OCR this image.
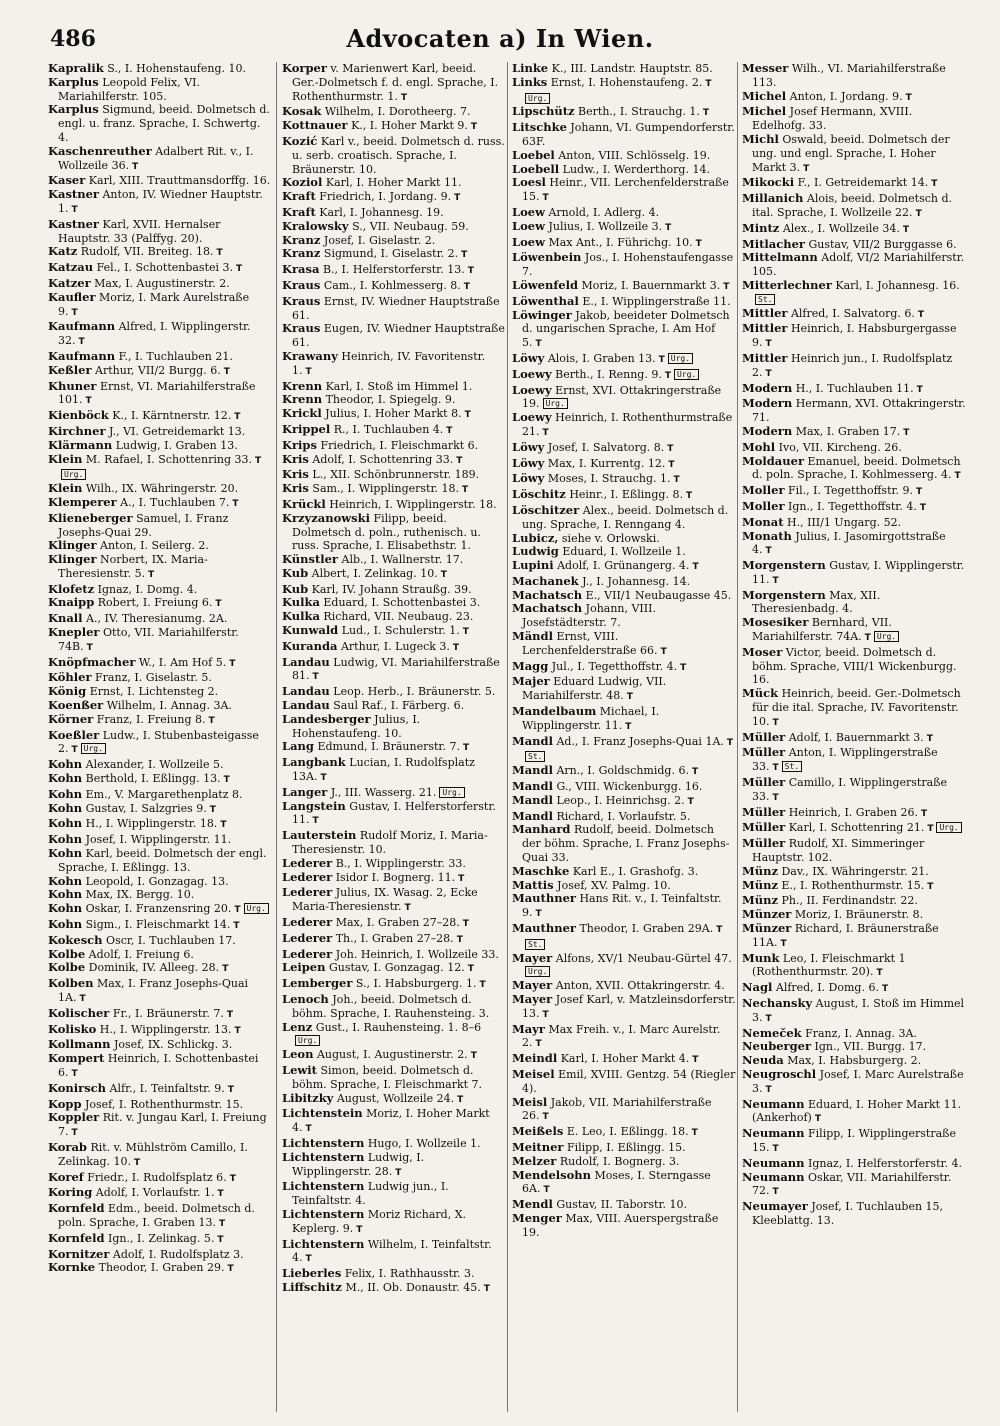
486	Advocaten a) In Wien.

Kapralik S., I. Hohenstaufeng. 10.

Karplus Leopold Felix, VI. Mariahilferstr. 105.

Karplus Sigmund, beeid. Dolmetsch d. engl. u. franz. Sprache, I. Schwertg. 4.

Kaschenreuther Adalbert Rit. v., I. Wollzeile 36. T

Kaser Karl, XIII. Trauttmansdorffg. 16.

Kastner Anton, IV. Wiedner Hauptstr. 1. T

Kastner Karl, XVII. Hernalser Hauptstr. 33 (Palffyg. 20).

Katz Rudolf, VII. Breiteg. 18. T

Katzau Fel., I. Schottenbastei 3. T

Katzer Max, I. Augustinerstr. 2.

Kaufler Moriz, I. Mark Aurelstraße 9. T

Kaufmann Alfred, I. Wipplingerstr. 32. T

Kaufmann F., I. Tuchlauben 21.

Keßler Arthur, VII/2 Burgg. 6. T

Khuner Ernst, VI. Mariahilferstraße 101. T

Kienböck K., I. Kärntnerstr. 12. T

Kirchner J., VI. Getreidemarkt 13.

Klärmann Ludwig, I. Graben 13.

Klein M. Rafael, I. Schottenring 33. TUrg.

Klein Wilh., IX. Währingerstr. 20.

Klemperer A., I. Tuchlauben 7. T

Klieneberger Samuel, I. Franz Josephs-Quai 29.

Klinger Anton, I. Seilerg. 2.

Klinger Norbert, IX. Maria-Theresienstr. 5. T

Klofetz Ignaz, I. Domg. 4.

Knaipp Robert, I. Freiung 6. T

Knall A., IV. Theresianumg. 2A.

Knepler Otto, VII. Mariahilferstr. 74B. T

Knöpfmacher W., I. Am Hof 5. T

Köhler Franz, I. Giselastr. 5.

König Ernst, I. Lichtensteg 2.

Koenßer Wilhelm, I. Annag. 3A.

Körner Franz, I. Freiung 8. T

Koeßler Ludw., I. Stubenbasteigasse 2. T Urg.

Kohn Alexander, I. Wollzeile 5.

Kohn Berthold, I. Eßlingg. 13. T

Kohn Em., V. Margarethenplatz 8.

Kohn Gustav, I. Salzgries 9. T

Kohn H., I. Wipplingerstr. 18. T

Kohn Josef, I. Wipplingerstr. 11.

Kohn Karl, beeid. Dolmetsch der engl. Sprache, I. Eßlingg. 13.

Kohn Leopold, I. Gonzagag. 13.

Kohn Max, IX. Bergg. 10.

Kohn Oskar, I. Franzensring 20. T Urg.

Kohn Sigm., I. Fleischmarkt 14. T

Kokesch Oscr, I. Tuchlauben 17.

Kolbe Adolf, I. Freiung 6.

Kolbe Dominik, IV. Alleeg. 28. T

Kolben Max, I. Franz Josephs-Quai 1A. T

Kolischer Fr., I. Bräunerstr. 7. T

Kolisko H., I. Wipplingerstr. 13. T

Kollmann Josef, IX. Schlickg. 3.

Kompert Heinrich, I. Schottenbastei 6. T

Konirsch Alfr., I. Teinfaltstr. 9. T

Kopp Josef, I. Rothenthurmstr. 15.

Koppler Rit. v. Jungau Karl, I. Freiung 7. T

Korab Rit. v. Mühlström Camillo, I. Zelinkag. 10. T

Koref Friedr., I. Rudolfsplatz 6. T

Koring Adolf, I. Vorlaufstr. 1. T

Kornfeld Edm., beeid. Dolmetsch d. poln. Sprache, I. Graben 13. T

Kornfeld Ign., I. Zelinkag. 5. T

Kornitzer Adolf, I. Rudolfsplatz 3.

Kornke Theodor, I. Graben 29. T

Korper v. Marienwert Karl, beeid. Ger.-Dolmetsch f. d. engl. Sprache, I. Rothenthurmstr. 1. T

Kosak Wilhelm, I. Dorotheerg. 7.

Kottnauer K., I. Hoher Markt 9. T

Kozić Karl v., beeid. Dolmetsch d. russ. u. serb. croatisch. Sprache, I. Bräunerstr. 10.

Koziol Karl, I. Hoher Markt 11.

Kraft Friedrich, I. Jordang. 9. T

Kraft Karl, I. Johannesg. 19.

Kralowsky S., VII. Neubaug. 59.

Kranz Josef, I. Giselastr. 2.

Kranz Sigmund, I. Giselastr. 2. T

Krasa B., I. Helferstorferstr. 13. T

Kraus Cam., I. Kohlmesserg. 8. T

Kraus Ernst, IV. Wiedner Hauptstraße 61.

Kraus Eugen, IV. Wiedner Hauptstraße 61.

Krawany Heinrich, IV. Favoritenstr. 1. T

Krenn Karl, I. Stoß im Himmel 1.

Krenn Theodor, I. Spiegelg. 9.

Krickl Julius, I. Hoher Markt 8. T

Krippel R., I. Tuchlauben 4. T

Krips Friedrich, I. Fleischmarkt 6.

Kris Adolf, I. Schottenring 33. T

Kris L., XII. Schönbrunnerstr. 189.

Kris Sam., I. Wipplingerstr. 18. T

Krückl Heinrich, I. Wipplingerstr. 18.

Krzyzanowski Filipp, beeid. Dolmetsch d. poln., ruthenisch. u. russ. Sprache, I. Elisabethstr. 1.

Künstler Alb., I. Wallnerstr. 17.

Kub Albert, I. Zelinkag. 10. T

Kub Karl, IV. Johann Straußg. 39.

Kulka Eduard, I. Schottenbastei 3.

Kulka Richard, VII. Neubaug. 23.

Kunwald Lud., I. Schulerstr. 1. T

Kuranda Arthur, I. Lugeck 3. T

Landau Ludwig, VI. Mariahilferstraße 81. T

Landau Leop. Herb., I. Bräunerstr. 5.

Landau Saul Raf., I. Färberg. 6.

Landesberger Julius, I. Hohenstaufeng. 10.

Lang Edmund, I. Bräunerstr. 7. T

Langbank Lucian, I. Rudolfsplatz 13A. T

Langer J., III. Wasserg. 21. Urg.

Langstein Gustav, I. Helferstorferstr. 11. T

Lauterstein Rudolf Moriz, I. Maria-Theresienstr. 10.

Lederer B., I. Wipplingerstr. 33.

Lederer Isidor I. Bognerg. 11. T

Lederer Julius, IX. Wasag. 2, Ecke Maria-Theresienstr. T

Lederer Max, I. Graben 27–28. T

Lederer Th., I. Graben 27–28. T

Lederer Joh. Heinrich, I. Wollzeile 33.

Leipen Gustav, I. Gonzagag. 12. T

Lemberger S., I. Habsburgerg. 1. T

Lenoch Joh., beeid. Dolmetsch d. böhm. Sprache, I. Rauhensteing. 3.

Lenz Gust., I. Rauhensteing. 1. 8–6Urg.

Leon August, I. Augustinerstr. 2. T

Lewit Simon, beeid. Dolmetsch d. böhm. Sprache, I. Fleischmarkt 7.

Libitzky August, Wollzeile 24. T

Lichtenstein Moriz, I. Hoher Markt 4. T

Lichtenstern Hugo, I. Wollzeile 1.

Lichtenstern Ludwig, I. Wipplingerstr. 28. T

Lichtenstern Ludwig jun., I. Teinfaltstr. 4.

Lichtenstern Moriz Richard, X. Keplerg. 9. T

Lichtenstern Wilhelm, I. Teinfaltstr. 4. T

Lieberles Felix, I. Rathhausstr. 3.

Liffschitz M., II. Ob. Donaustr. 45. T

Linke K., III. Landstr. Hauptstr. 85.

Links Ernst, I. Hohenstaufeng. 2. TUrg.

Lipschütz Berth., I. Strauchg. 1. T

Litschke Johann, VI. Gumpendorferstr. 63F.

Loebel Anton, VIII. Schlösselg. 19.

Loebell Ludw., I. Werderthorg. 14.

Loesl Heinr., VII. Lerchenfelderstraße 15. T

Loew Arnold, I. Adlerg. 4.

Loew Julius, I. Wollzeile 3. T

Loew Max Ant., I. Führichg. 10. T

Löwenbein Jos., I. Hohenstaufengasse 7.

Löwenfeld Moriz, I. Bauernmarkt 3. T

Löwenthal E., I. Wipplingerstraße 11.

Löwinger Jakob, beeideter Dolmetsch d. ungarischen Sprache, I. Am Hof 5. T

Löwy Alois, I. Graben 13. T Urg.

Loewy Berth., I. Renng. 9. T Urg.

Loewy Ernst, XVI. Ottakringerstraße 19. Urg.

Loewy Heinrich, I. Rothenthurmstraße 21. T

Löwy Josef, I. Salvatorg. 8. T

Löwy Max, I. Kurrentg. 12. T

Löwy Moses, I. Strauchg. 1. T

Löschitz Heinr., I. Eßlingg. 8. T

Löschitzer Alex., beeid. Dolmetsch d. ung. Sprache, I. Renngang 4.

Lubicz, siehe v. Orlowski.

Ludwig Eduard, I. Wollzeile 1.

Lupini Adolf, I. Grünangerg. 4. T

Machanek J., I. Johannesg. 14.

Machatsch E., VII/1 Neubaugasse 45.

Machatsch Johann, VIII. Josefstädterstr. 7.

Mändl Ernst, VIII. Lerchenfelderstraße 66. T

Magg Jul., I. Tegetthoffstr. 4. T

Majer Eduard Ludwig, VII. Mariahilferstr. 48. T

Mandelbaum Michael, I. Wipplingerstr. 11. T

Mandl Ad., I. Franz Josephs-Quai 1A. TSt.

Mandl Arn., I. Goldschmidg. 6. T

Mandl G., VIII. Wickenburgg. 16.

Mandl Leop., I. Heinrichsg. 2. T

Mandl Richard, I. Vorlaufstr. 5.

Manhard Rudolf, beeid. Dolmetsch der böhm. Sprache, I. Franz Josephs-Quai 33.

Maschke Karl E., I. Grashofg. 3.

Mattis Josef, XV. Palmg. 10.

Mauthner Hans Rit. v., I. Teinfaltstr. 9. T

Mauthner Theodor, I. Graben 29A. TSt.

Mayer Alfons, XV/1 Neubau-Gürtel 47.Urg.

Mayer Anton, XVII. Ottakringerstr. 4.

Mayer Josef Karl, v. Matzleinsdorferstr. 13. T

Mayr Max Freih. v., I. Marc Aurelstr. 2. T

Meindl Karl, I. Hoher Markt 4. T

Meisel Emil, XVIII. Gentzg. 54 (Riegler 4).

Meisl Jakob, VII. Mariahilferstraße 26. T

Meißels E. Leo, I. Eßlingg. 18. T

Meitner Filipp, I. Eßlingg. 15.

Melzer Rudolf, I. Bognerg. 3.

Mendelsohn Moses, I. Sterngasse 6A. T

Mendl Gustav, II. Taborstr. 10.

Menger Max, VIII. Auerspergstraße 19.

Messer Wilh., VI. Mariahilferstraße 113.

Michel Anton, I. Jordang. 9. T

Michel Josef Hermann, XVIII. Edelhofg. 33.

Michl Oswald, beeid. Dolmetsch der ung. und engl. Sprache, I. Hoher Markt 3. T

Mikocki F., I. Getreidemarkt 14. T

Millanich Alois, beeid. Dolmetsch d. ital. Sprache, I. Wollzeile 22. T

Mintz Alex., I. Wollzeile 34. T

Mitlacher Gustav, VII/2 Burggasse 6.

Mittelmann Adolf, VI/2 Mariahilferstr. 105.

Mitterlechner Karl, I. Johannesg. 16.St.

Mittler Alfred, I. Salvatorg. 6. T

Mittler Heinrich, I. Habsburgergasse 9. T

Mittler Heinrich jun., I. Rudolfsplatz 2. T

Modern H., I. Tuchlauben 11. T

Modern Hermann, XVI. Ottakringerstr. 71.

Modern Max, I. Graben 17. T

Mohl Ivo, VII. Kircheng. 26.

Moldauer Emanuel, beeid. Dolmetsch d. poln. Sprache, I. Kohlmesserg. 4. T

Moller Fil., I. Tegetthoffstr. 9. T

Moller Ign., I. Tegetthoffstr. 4. T

Monat H., III/1 Ungarg. 52.

Monath Julius, I. Jasomirgottstraße 4. T

Morgenstern Gustav, I. Wipplingerstr. 11. T

Morgenstern Max, XII. Theresienbadg. 4.

Mosesiker Bernhard, VII. Mariahilferstr. 74A. T Urg.

Moser Victor, beeid. Dolmetsch d. böhm. Sprache, VIII/1 Wickenburgg. 16.

Mück Heinrich, beeid. Ger.-Dolmetsch für die ital. Sprache, IV. Favoritenstr. 10. T

Müller Adolf, I. Bauernmarkt 3. T

Müller Anton, I. Wipplingerstraße 33. T St.

Müller Camillo, I. Wipplingerstraße 33. T

Müller Heinrich, I. Graben 26. T

Müller Karl, I. Schottenring 21. T Urg.

Müller Rudolf, XI. Simmeringer Hauptstr. 102.

Münz Dav., IX. Währingerstr. 21.

Münz E., I. Rothenthurmstr. 15. T

Münz Ph., II. Ferdinandstr. 22.

Münzer Moriz, I. Bräunerstr. 8.

Münzer Richard, I. Bräunerstraße 11A. T

Munk Leo, I. Fleischmarkt 1 (Rothenthurmstr. 20). T

Nagl Alfred, I. Domg. 6. T

Nechansky August, I. Stoß im Himmel 3. T

Nemeček Franz, I. Annag. 3A.

Neuberger Ign., VII. Burgg. 17.

Neuda Max, I. Habsburgerg. 2.

Neugroschl Josef, I. Marc Aurelstraße 3. T

Neumann Eduard, I. Hoher Markt 11. (Ankerhof) T

Neumann Filipp, I. Wipplingerstraße 15. T

Neumann Ignaz, I. Helferstorferstr. 4.

Neumann Oskar, VII. Mariahilferstr. 72. T

Neumayer Josef, I. Tuchlauben 15, Kleeblattg. 13.
